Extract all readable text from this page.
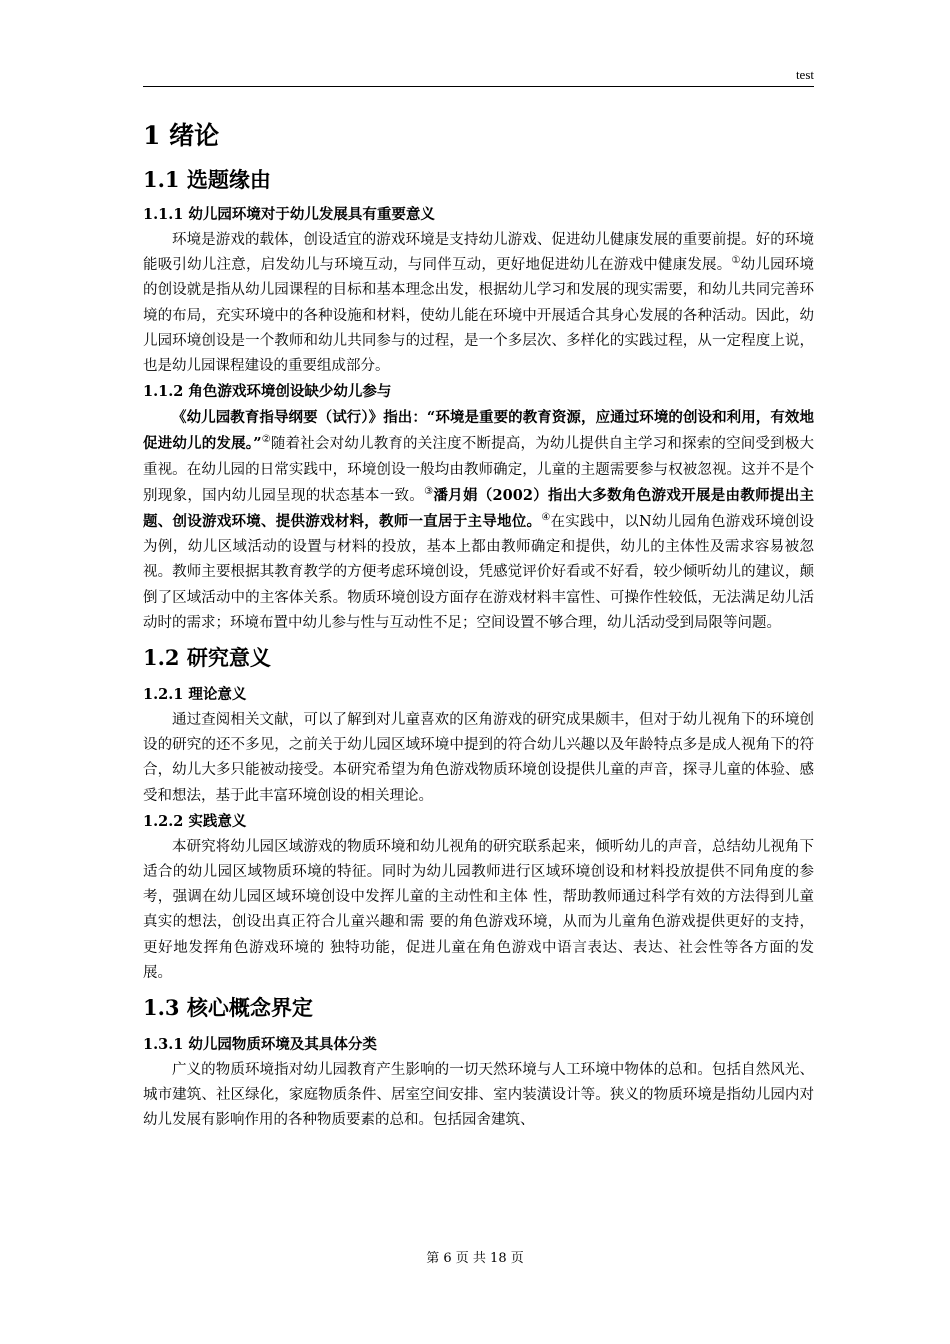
test
1 绪论
1.1 选题缘由
1.1.1 幼儿园环境对于幼儿发展具有重要意义

环境是游戏的载体，创设适宜的游戏环境是支持幼儿游戏、促进幼儿健康发展的重要前提。好的环境能吸引幼儿注意，启发幼儿与环境互动，与同伴互动，更好地促进幼儿在游戏中健康发展。①幼儿园环境的创设就是指从幼儿园课程的目标和基本理念出发，根据幼儿学习和发展的现实需要，和幼儿共同完善环境的布局，充实环境中的各种设施和材料，使幼儿能在环境中开展适合其身心发展的各种活动。因此，幼儿园环境创设是一个教师和幼儿共同参与的过程，是一个多层次、多样化的实践过程，从一定程度上说，也是幼儿园课程建设的重要组成部分。

1.1.2 角色游戏环境创设缺少幼儿参与

《幼儿园教育指导纲要（试行）》指出：“环境是重要的教育资源，应通过环境的创设和利用，有效地促进幼儿的发展。”②随着社会对幼儿教育的关注度不断提高，为幼儿提供自主学习和探索的空间受到极大重视。在幼儿园的日常实践中，环境创设一般均由教师确定，儿童的主题需要参与权被忽视。这并不是个别现象，国内幼儿园呈现的状态基本一致。③潘月娟（2002）指出大多数角色游戏开展是由教师提出主题、创设游戏环境、提供游戏材料，教师一直居于主导地位。④在实践中，以N幼儿园角色游戏环境创设为例，幼儿区域活动的设置与材料的投放，基本上都由教师确定和提供，幼儿的主体性及需求容易被忽视。教师主要根据其教育教学的方便考虑环境创设，凭感觉评价好看或不好看，较少倾听幼儿的建议，颠倒了区域活动中的主客体关系。物质环境创设方面存在游戏材料丰富性、可操作性较低，无法满足幼儿活动时的需求；环境布置中幼儿参与性与互动性不足；空间设置不够合理，幼儿活动受到局限等问题。

1.2 研究意义
1.2.1 理论意义

通过查阅相关文献，可以了解到对儿童喜欢的区角游戏的研究成果颇丰，但对于幼儿视角下的环境创设的研究的还不多见，之前关于幼儿园区域环境中提到的符合幼儿兴趣以及年龄特点多是成人视角下的符合，幼儿大多只能被动接受。本研究希望为角色游戏物质环境创设提供儿童的声音，探寻儿童的体验、感受和想法，基于此丰富环境创设的相关理论。

1.2.2 实践意义

本研究将幼儿园区域游戏的物质环境和幼儿视角的研究联系起来，倾听幼儿的声音，总结幼儿视角下适合的幼儿园区域物质环境的特征。同时为幼儿园教师进行区域环境创设和材料投放提供不同角度的参考，强调在幼儿园区域环境创设中发挥儿童的主动性和主体 性，帮助教师通过科学有效的方法得到儿童真实的想法，创设出真正符合儿童兴趣和需 要的角色游戏环境，从而为儿童角色游戏提供更好的支持，更好地发挥角色游戏环境的 独特功能，促进儿童在角色游戏中语言表达、表达、社会性等各方面的发展。

1.3 核心概念界定
1.3.1 幼儿园物质环境及其具体分类

广义的物质环境指对幼儿园教育产生影响的一切天然环境与人工环境中物体的总和。包括自然风光、城市建筑、社区绿化，家庭物质条件、居室空间安排、室内装潢设计等。狭义的物质环境是指幼儿园内对幼儿发展有影响作用的各种物质要素的总和。包括园舍建筑、

第 6 页 共 18 页
